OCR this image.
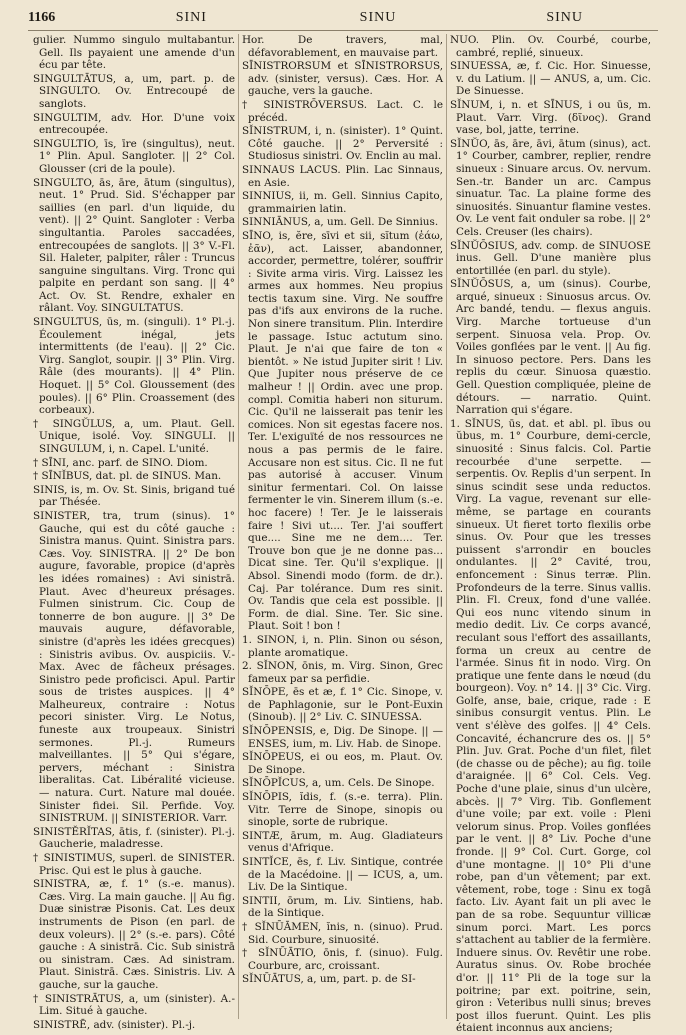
1166	SINI	SINU	SINU

gulier. Nummo singulo multabantur. Gell. Ils payaient une amende d'un écu par tête.

SINGULTĀTUS, a, um, part. p. de SINGULTO. Ov. Entrecoupé de sanglots.

SINGULTIM, adv. Hor. D'une voix entrecoupée.

SINGULTIO, īs, īre (singultus), neut. 1° Plin. Apul. Sangloter. || 2° Col. Glousser (cri de la poule).

SINGULTO, ās, āre, ātum (singultus), neut. 1° Prud. Sid. S'échapper par saillies (en parl. d'un liquide, du vent). || 2° Quint. Sangloter : Verba singultantia. Paroles saccadées, entrecoupées de sanglots. || 3° V.-Fl. Sil. Haleter, palpiter, râler : Truncus sanguine singultans. Virg. Tronc qui palpite en perdant son sang. || 4° Act. Ov. St. Rendre, exhaler en râlant. Voy. SINGULTATUS.

SINGULTUS, ūs, m. (singuli). 1° Pl.-j. Écoulement inégal, jets intermittents (de l'eau). || 2° Cic. Virg. Sanglot, soupir. || 3° Plin. Virg. Râle (des mourants). || 4° Plin. Hoquet. || 5° Col. Gloussement (des poules). || 6° Plin. Croassement (des corbeaux).

† SINGŬLUS, a, um. Plaut. Gell. Unique, isolé. Voy. SINGULI. || SINGULUM, i, n. Capel. L'unité.

† SĪNI, anc. parf. de SINO. Diom.

† SĪNĬBUS, dat. pl. de SINUS. Man.

SINIS, is, m. Ov. St. Sinis, brigand tué par Thésée.

SINISTER, tra, trum (sinus). 1° Gauche, qui est du côté gauche : Sinistra manus. Quint. Sinistra pars. Cæs. Voy. SINISTRA. || 2° De bon augure, favorable, propice (d'après les idées romaines) : Avi sinistrā. Plaut. Avec d'heureux présages. Fulmen sinistrum. Cic. Coup de tonnerre de bon augure. || 3° De mauvais augure, défavorable, sinistre (d'après les idées grecques) : Sinistris avibus. Ov. auspiciis. V.-Max. Avec de fâcheux présages. Sinistro pede proficisci. Apul. Partir sous de tristes auspices. || 4° Malheureux, contraire : Notus pecori sinister. Virg. Le Notus, funeste aux troupeaux. Sinistri sermones. Pl.-j. Rumeurs malveillantes. || 5° Qui s'égare, pervers, méchant : Sinistra liberalitas. Cat. Libéralité vicieuse. — natura. Curt. Nature mal douée. Sinister fidei. Sil. Perfide. Voy. SINISTRUM. || SINISTERIOR. Varr.

SINISTĔRĬTAS, ātis, f. (sinister). Pl.-j. Gaucherie, maladresse.

† SINISTIMUS, superl. de SINISTER. Prisc. Qui est le plus à gauche.

SINISTRA, æ, f. 1° (s.-e. manus). Cæs. Virg. La main gauche. || Au fig. Duæ sinistræ Pisonis. Cat. Les deux instruments de Pison (en parl. de deux voleurs). || 2° (s.-e. pars). Côté gauche : A sinistrā. Cic. Sub sinistrā ou sinistram. Cæs. Ad sinistram. Plaut. Sinistrā. Cæs. Sinistris. Liv. A gauche, sur la gauche.

† SINISTRĀTUS, a, um (sinister). A.-Lim. Situé à gauche.

SINISTRĒ, adv. (sinister). Pl.-j.

Hor. De travers, mal, défavorablement, en mauvaise part.

SĪNISTRORSUM et SĪNISTRORSUS, adv. (sinister, versus). Cæs. Hor. A gauche, vers la gauche.

† SINISTRŌVERSUS. Lact. C. le précéd.

SĬNISTRUM, i, n. (sinister). 1° Quint. Côté gauche. || 2° Perversité : Studiosus sinistri. Ov. Enclin au mal.

SINNAUS LACUS. Plin. Lac Sinnaus, en Asie.

SINNIUS, ii, m. Gell. Sinnius Capito, grammairien latin.

SINNIĀNUS, a, um. Gell. De Sinnius.

SĪNO, is, ĕre, sīvi et sii, sĭtum (ἐάω, ἐᾶν), act. Laisser, abandonner, accorder, permettre, tolérer, souffrir : Sivite arma viris. Virg. Laissez les armes aux hommes. Neu propius tectis taxum sine. Virg. Ne souffre pas d'ifs aux environs de la ruche. Non sinere transitum. Plin. Interdire le passage. Istuc actutum sino. Plaut. Je n'ai que faire de ton « bientôt. » Ne istud Jupiter sirit ! Liv. Que Jupiter nous préserve de ce malheur ! || Ordin. avec une prop. compl. Comitia haberi non siturum. Cic. Qu'il ne laisserait pas tenir les comices. Non sit egestas facere nos. Ter. L'exiguïté de nos ressources ne nous a pas permis de le faire. Accusare non est situs. Cic. Il ne fut pas autorisé à accuser. Vinum sinitur fermentari. Col. On laisse fermenter le vin. Sinerem illum (s.-e. hoc facere) ! Ter. Je le laisserais faire ! Sivi ut.... Ter. J'ai souffert que.... Sine me ne dem.... Ter. Trouve bon que je ne donne pas... Dicat sine. Ter. Qu'il s'explique. || Absol. Sinendi modo (form. de dr.). Caj. Par tolérance. Dum res sinit. Ov. Tandis que cela est possible. || Form. de dial. Sine. Ter. Sic sine. Plaut. Soit ! bon !

1. SINON, i, n. Plin. Sinon ou séson, plante aromatique.

2. SĬNON, ōnis, m. Virg. Sinon, Grec fameux par sa perfidie.

SĬNŌPE, ēs et æ, f. 1° Cic. Sinope, v. de Paphlagonie, sur le Pont-Euxin (Sinoub). || 2° Liv. C. SINUESSA.

SĬNŌPENSIS, e, Dig. De Sinope. || — ENSES, ium, m. Liv. Hab. de Sinope.

SĬNŌPEUS, ei ou eos, m. Plaut. Ov. De Sinope.

SĬNŌPĬCUS, a, um. Cels. De Sinope.

SĬNŌPIS, ĭdis, f. (s.-e. terra). Plin. Vitr. Terre de Sinope, sinopis ou sinople, sorte de rubrique.

SINTÆ, ārum, m. Aug. Gladiateurs venus d'Afrique.

SINTĬCE, ēs, f. Liv. Sintique, contrée de la Macédoine. || — ICUS, a, um. Liv. De la Sintique.

SINTII, ōrum, m. Liv. Sintiens, hab. de la Sintique.

† SĬNŪĀMEN, ĭnis, n. (sinuo). Prud. Sid. Courbure, sinuosité.

† SĬNŪĀTIO, ōnis, f. (sinuo). Fulg. Courbure, arc, croissant.

SĬNŪĀTUS, a, um, part. p. de SI-

NUO. Plin. Ov. Courbé, courbe, cambré, replié, sinueux.

SINUESSA, æ, f. Cic. Hor. Sinuesse, v. du Latium. || — ANUS, a, um. Cic. De Sinuesse.

SĬNUM, i, n. et SĪNUS, i ou ūs, m. Plaut. Varr. Virg. (δῖνος). Grand vase, bol, jatte, terrine.

SĬNŬO, ās, āre, āvi, ātum (sinus), act. 1° Courber, cambrer, replier, rendre sinueux : Sinuare arcus. Ov. nervum. Sen.-tr. Bander un arc. Campus sinuatur. Tac. La plaine forme des sinuosités. Sinuantur flamine vestes. Ov. Le vent fait onduler sa robe. || 2° Cels. Creuser (les chairs).

SĬNŬŌSIUS, adv. comp. de SINUOSE inus. Gell. D'une manière plus entortillée (en parl. du style).

SĬNŬŌSUS, a, um (sinus). Courbe, arqué, sinueux : Sinuosus arcus. Ov. Arc bandé, tendu. — flexus anguis. Virg. Marche tortueuse d'un serpent. Sinuosa vela. Prop. Ov. Voiles gonflées par le vent. || Au fig. In sinuoso pectore. Pers. Dans les replis du cœur. Sinuosa quæstio. Gell. Question compliquée, pleine de détours. — narratio. Quint. Narration qui s'égare.

1. SĬNUS, ūs, dat. et abl. pl. ĭbus ou ŭbus, m. 1° Courbure, demi-cercle, sinuosité : Sinus falcis. Col. Partie recourbée d'une serpette. — serpentis. Ov. Replis d'un serpent. In sinus scindit sese unda reductos. Virg. La vague, revenant sur elle-même, se partage en courants sinueux. Ut fieret torto flexilis orbe sinus. Ov. Pour que les tresses puissent s'arrondir en boucles ondulantes. || 2° Cavité, trou, enfoncement : Sinus terræ. Plin. Profondeurs de la terre. Sinus vallis. Plin. Fl. Creux, fond d'une vallée. Qui eos nunc vitendo sinum in medio dedit. Liv. Ce corps avancé, reculant sous l'effort des assaillants, forma un creux au centre de l'armée. Sinus fit in nodo. Virg. On pratique une fente dans le nœud (du bourgeon). Voy. n° 14. || 3° Cic. Virg. Golfe, anse, baie, crique, rade : E sinibus consurgit ventus. Plin. Le vent s'élève des golfes. || 4° Cels. Concavité, échancrure des os. || 5° Plin. Juv. Grat. Poche d'un filet, filet (de chasse ou de pêche); au fig. toile d'araignée. || 6° Col. Cels. Veg. Poche d'une plaie, sinus d'un ulcère, abcès. || 7° Virg. Tib. Gonflement d'une voile; par ext. voile : Pleni velorum sinus. Prop. Voiles gonflées par le vent. || 8° Liv. Poche d'une fronde. || 9° Col. Curt. Gorge, col d'une montagne. || 10° Pli d'une robe, pan d'un vêtement; par ext. vêtement, robe, toge : Sinu ex togā facto. Liv. Ayant fait un pli avec le pan de sa robe. Sequuntur villicæ sinum porci. Mart. Les porcs s'attachent au tablier de la fermière. Induere sinus. Ov. Revêtir une robe. Auratus sinus. Ov. Robe brochée d'or. || 11° Pli de la toge sur la poitrine; par ext. poitrine, sein, giron : Veteribus nulli sinus; breves post illos fuerunt. Quint. Les plis étaient inconnus aux anciens;
